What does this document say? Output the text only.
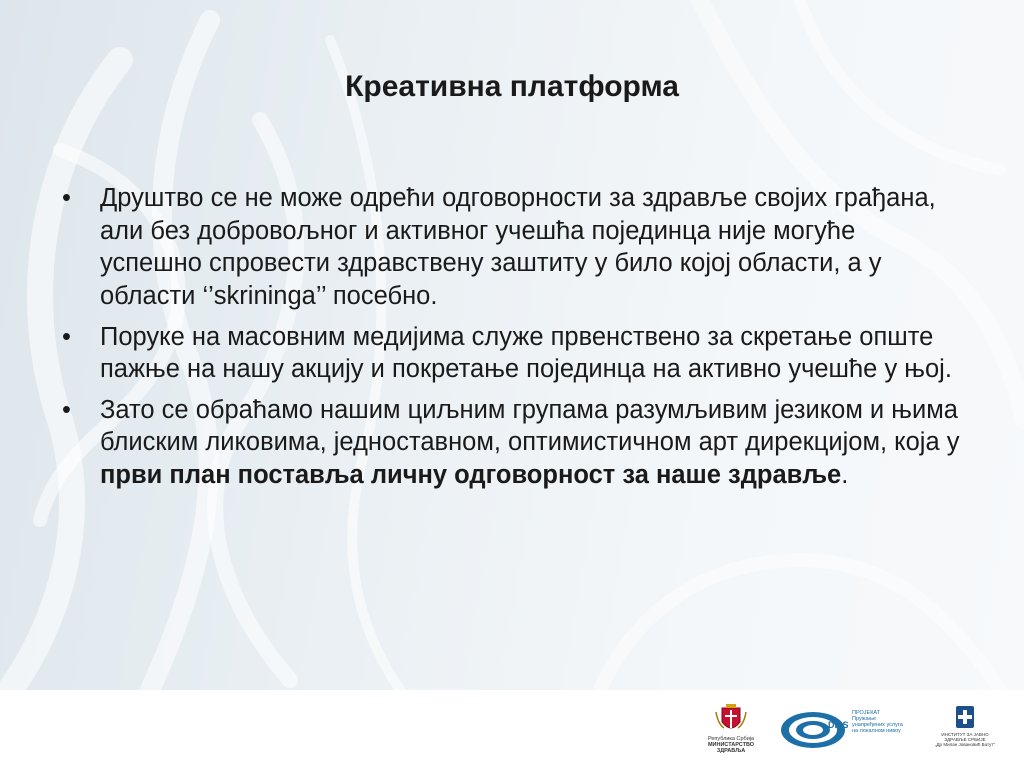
Креативна платформа
•	Друштво се не може одрећи одговорности за здравље својих грађана, али без добровољног и активног учешћа појединца није могуће успешно спровести здравствену заштиту у било којој области, а у области ‘’skrininga’’ посебно.
•	Поруке на масовним медијима служе првенствено за скретање опште пажње на нашу акцију и покретање појединца на активно учешће у њој.
•	Зато се обраћамо нашим циљним групама разумљивим језиком и њима блиским ликовима, једноставном, оптимистичном арт дирекцијом, која у први план поставља личну одговорност за наше здравље.
Република Србија
МИНИСТАРСТВО ЗДРАВЉА
DILS
ПРОЈЕКАТ
Пружање
унапређених услуга
на локалном нивоу
ИНСТИТУТ ЗА ЈАВНО ЗДРАВЉЕ СРБИЈЕ
„Др Милан Јовановић Батут”
